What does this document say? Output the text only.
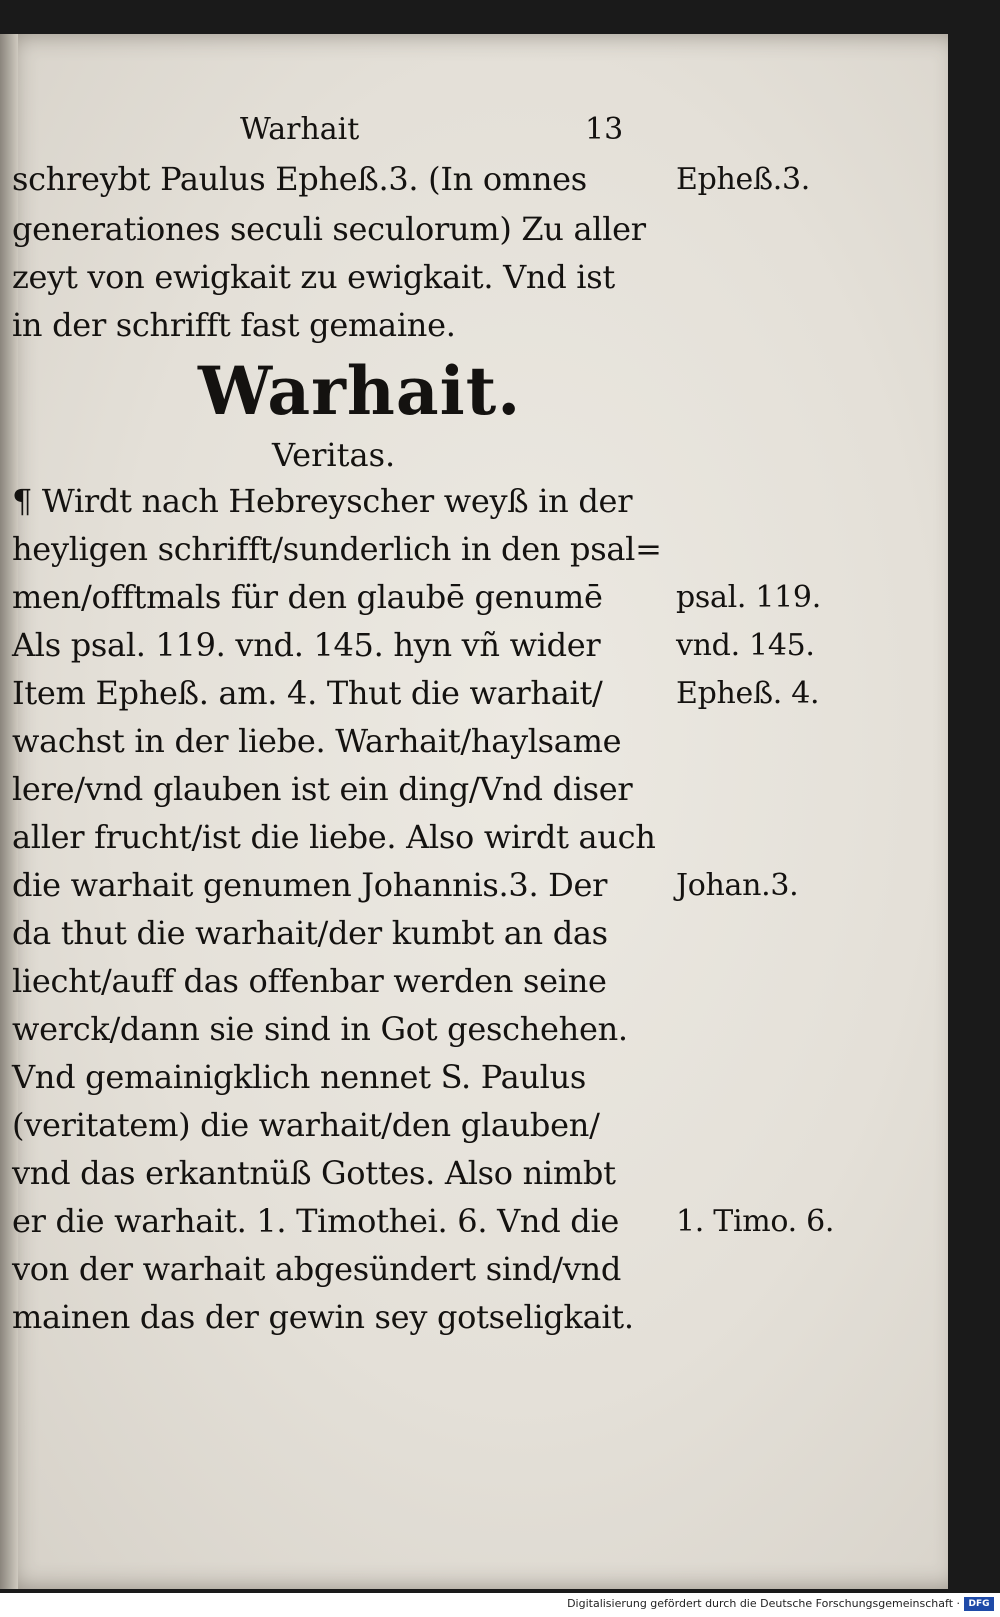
Warhait	13
schreybt Paulus Epheß.3. (In omnes
generationes seculi seculorum) Zu aller
zeyt von ewigkait zu ewigkait. Vnd ist
in der schrifft fast gemaine.
Warhait.
Veritas.
¶ Wirdt nach Hebreyscher weyß in der
heyligen schrifft/sunderlich in den psal=
men/offtmals für den glaubē genumē
Als psal. 119. vnd. 145. hyn vñ wider
Item Epheß. am. 4. Thut die warhait/
wachst in der liebe. Warhait/haylsame
lere/vnd glauben ist ein ding/Vnd diser
aller frucht/ist die liebe. Also wirdt auch
die warhait genumen Johannis.3. Der
da thut die warhait/der kumbt an das
liecht/auff das offenbar werden seine
werck/dann sie sind in Got geschehen.
Vnd gemainigklich nennet S. Paulus
(veritatem) die warhait/den glauben/
vnd das erkantnüß Gottes. Also nimbt
er die warhait. 1. Timothei. 6. Vnd die
von der warhait abgesündert sind/vnd
mainen das der gewin sey gotseligkait.
Epheß.3.
psal. 119.
vnd. 145.
Epheß. 4.
Johan.3.
1. Timo. 6.
Digitalisierung gefördert durch die Deutsche Forschungsgemeinschaft · DFG
